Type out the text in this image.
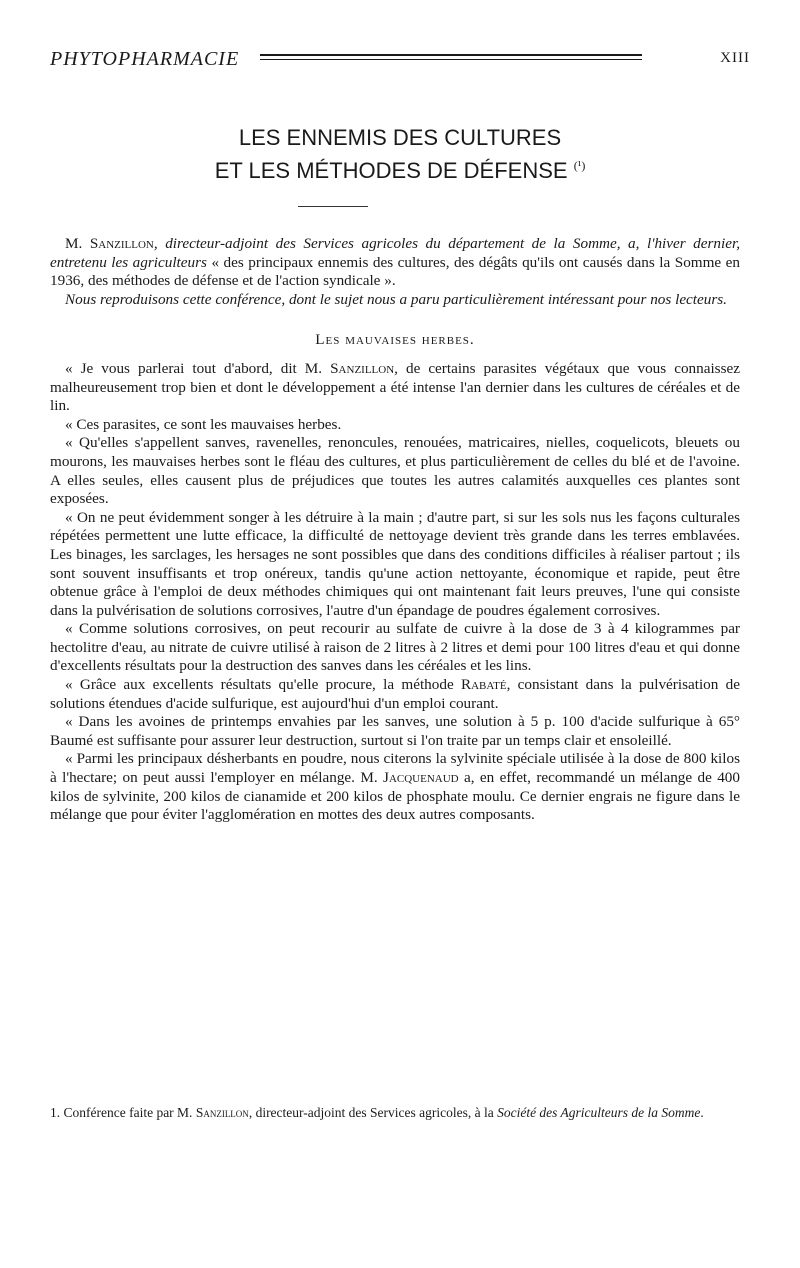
PHYTOPHARMACIE	XIII
LES ENNEMIS DES CULTURES
ET LES MÉTHODES DE DÉFENSE $^{(^1)}$

M. Sanzillon, directeur-adjoint des Services agricoles du département de la Somme, a, l'hiver dernier, entretenu les agriculteurs « des principaux ennemis des cultures, des dégâts qu'ils ont causés dans la Somme en 1936, des méthodes de défense et de l'action syndicale ».

Nous reproduisons cette conférence, dont le sujet nous a paru particulièrement intéressant pour nos lecteurs.

Les mauvaises herbes.

« Je vous parlerai tout d'abord, dit M. Sanzillon, de certains parasites végétaux que vous connaissez malheureusement trop bien et dont le développement a été intense l'an dernier dans les cultures de céréales et de lin.

« Ces parasites, ce sont les mauvaises herbes.

« Qu'elles s'appellent sanves, ravenelles, renoncules, renouées, matricaires, nielles, coquelicots, bleuets ou mourons, les mauvaises herbes sont le fléau des cultures, et plus particulièrement de celles du blé et de l'avoine. A elles seules, elles causent plus de préjudices que toutes les autres calamités auxquelles ces plantes sont exposées.

« On ne peut évidemment songer à les détruire à la main ; d'autre part, si sur les sols nus les façons culturales répétées permettent une lutte efficace, la difficulté de nettoyage devient très grande dans les terres emblavées. Les binages, les sarclages, les hersages ne sont possibles que dans des conditions difficiles à réaliser partout ; ils sont souvent insuffisants et trop onéreux, tandis qu'une action nettoyante, économique et rapide, peut être obtenue grâce à l'emploi de deux méthodes chimiques qui ont maintenant fait leurs preuves, l'une qui consiste dans la pulvérisation de solutions corrosives, l'autre d'un épandage de poudres également corrosives.

« Comme solutions corrosives, on peut recourir au sulfate de cuivre à la dose de 3 à 4 kilogrammes par hectolitre d'eau, au nitrate de cuivre utilisé à raison de 2 litres à 2 litres et demi pour 100 litres d'eau et qui donne d'excellents résultats pour la destruction des sanves dans les céréales et les lins.

« Grâce aux excellents résultats qu'elle procure, la méthode Rabaté, consistant dans la pulvérisation de solutions étendues d'acide sulfurique, est aujourd'hui d'un emploi courant.

« Dans les avoines de printemps envahies par les sanves, une solution à 5 p. 100 d'acide sulfurique à 65° Baumé est suffisante pour assurer leur destruction, surtout si l'on traite par un temps clair et ensoleillé.

« Parmi les principaux désherbants en poudre, nous citerons la sylvinite spéciale utilisée à la dose de 800 kilos à l'hectare; on peut aussi l'employer en mélange. M. Jacquenaud a, en effet, recommandé un mélange de 400 kilos de sylvinite, 200 kilos de cianamide et 200 kilos de phosphate moulu. Ce dernier engrais ne figure dans le mélange que pour éviter l'agglomération en mottes des deux autres composants.

1. Conférence faite par M. Sanzillon, directeur-adjoint des Services agricoles, à la Société des Agriculteurs de la Somme.
